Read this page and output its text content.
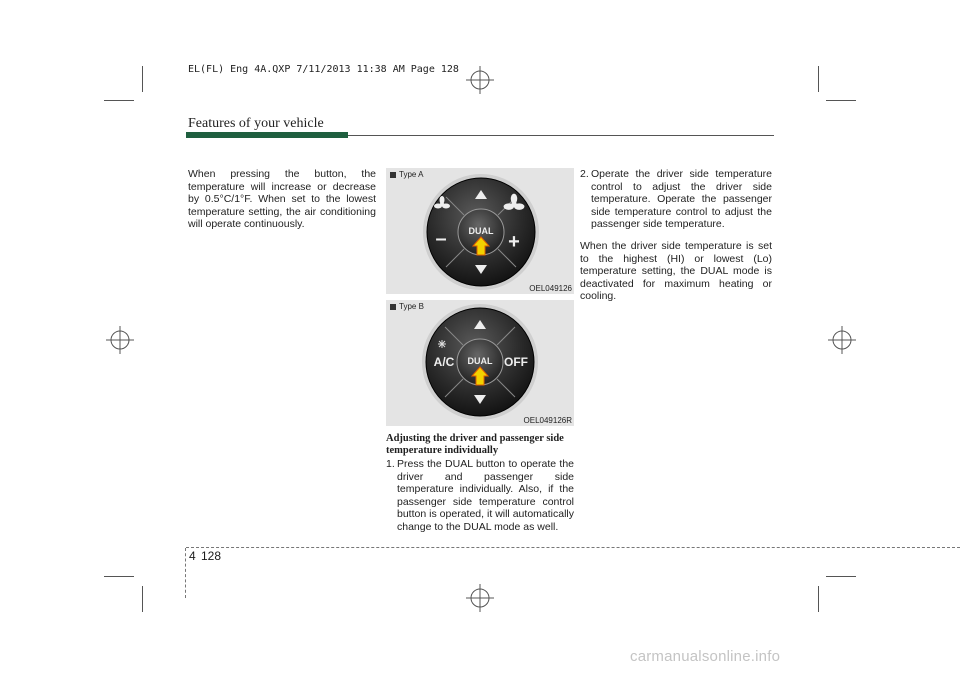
EL(FL) Eng 4A.QXP 7/11/2013 11:38 AM Page 128
Features of your vehicle

When pressing the button, the temperature will increase or decrease by 0.5°C/1°F. When set to the lowest temperature setting, the air conditioning will operate continuously.

Type A
–	+
DUAL
OEL049126
Type B
A/C	OFF
DUAL
OEL049126R
Adjusting the driver and passenger side temperature individually
1. Press the DUAL button to operate the driver and passenger side temperature individually. Also, if the passenger side temperature control button is operated, it will automatically change to the DUAL mode as well.
2. Operate the driver side temperature control to adjust the driver side temperature. Operate the passenger side temperature control to adjust the passenger side temperature.

When the driver side temperature is set to the highest (HI) or lowest (Lo) temperature setting, the DUAL mode is deactivated for maximum heating or cooling.

4 128
carmanualsonline.info
